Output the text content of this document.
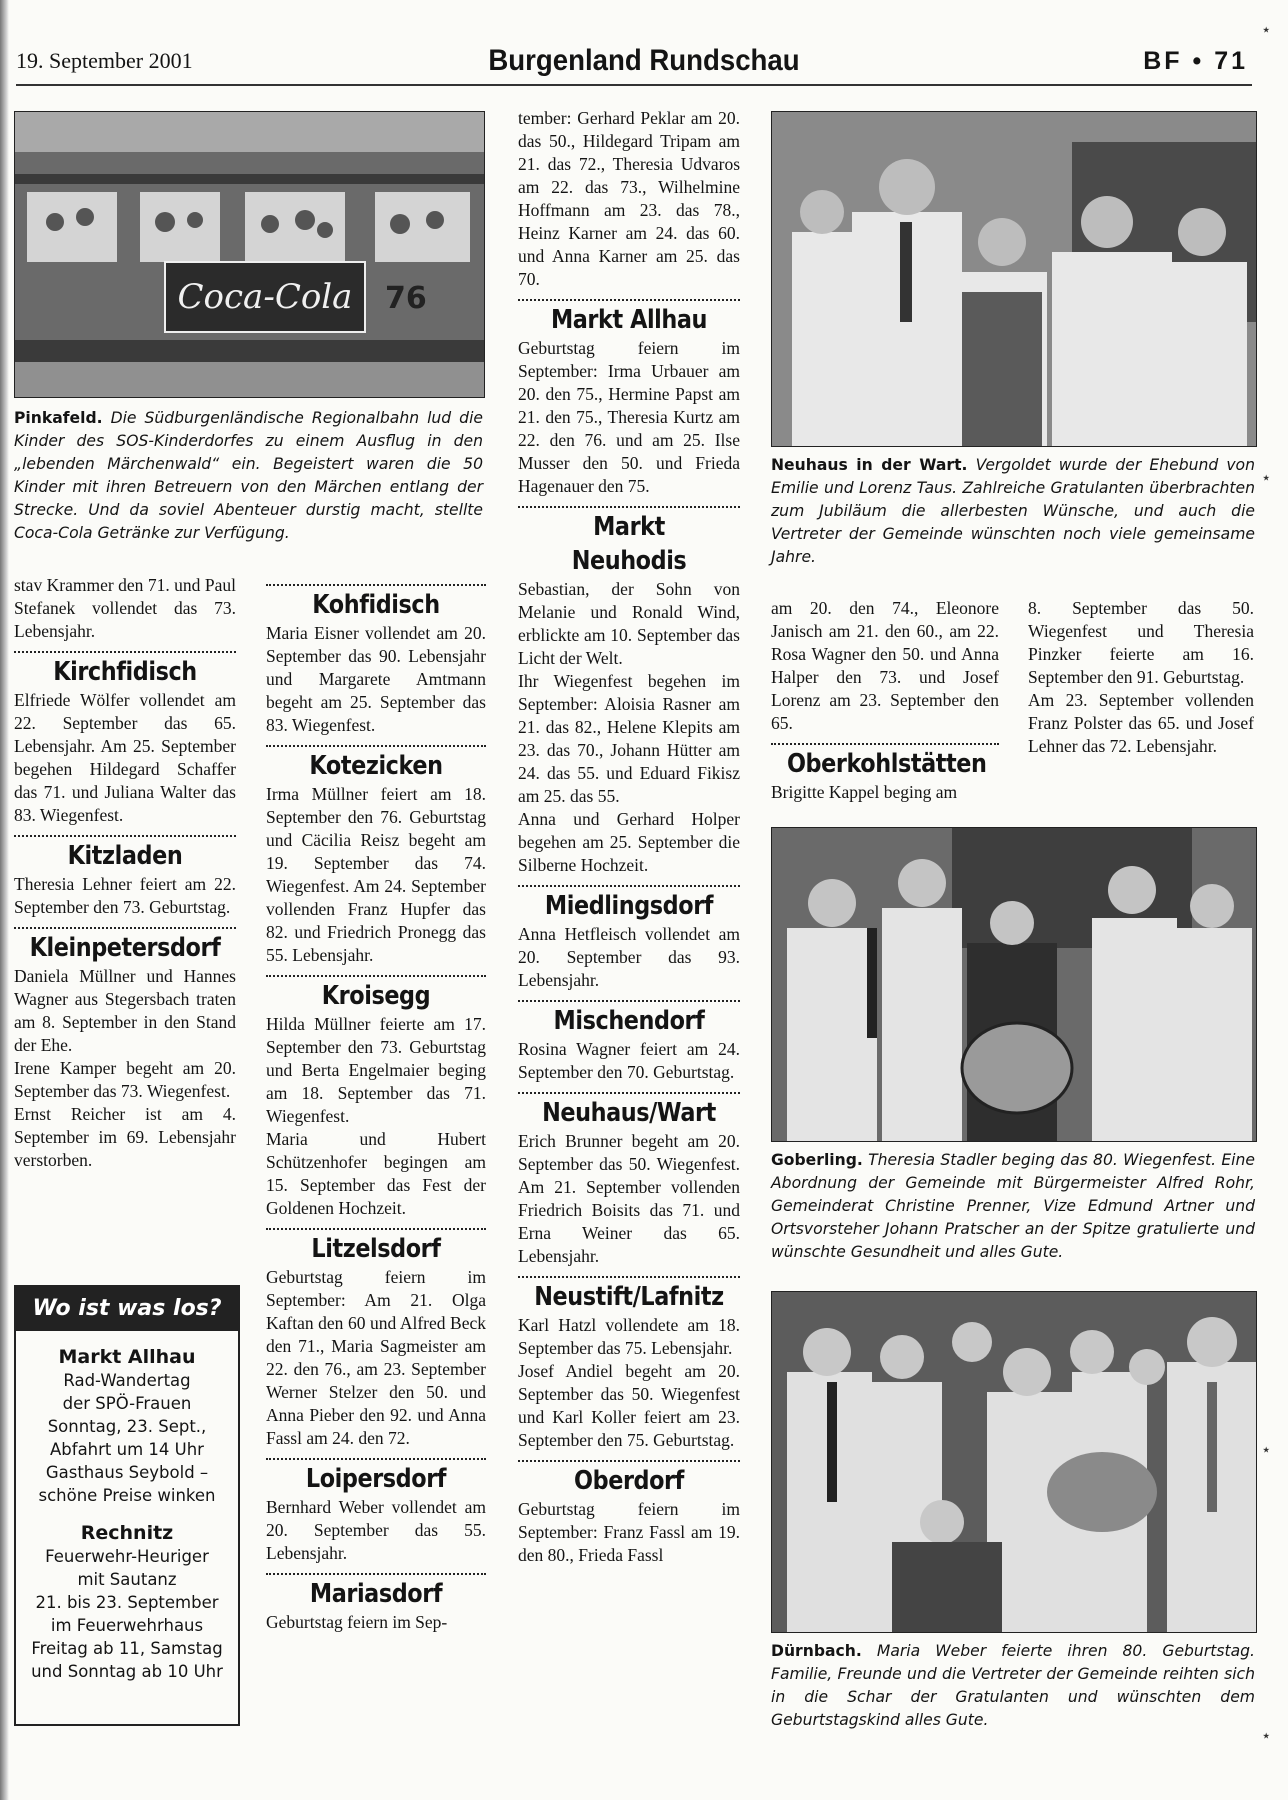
19. September 2001	Burgenland Rundschau	BF • 71
Coca-Cola 76
Pinkafeld. Die Südburgenländische Regionalbahn lud die Kinder des SOS-Kinderdorfes zu einem Ausflug in den „lebenden Märchenwald“ ein. Begeistert waren die 50 Kinder mit ihren Betreuern von den Märchen entlang der Strecke. Und da soviel Abenteuer durstig macht, stellte Coca-Cola Getränke zur Verfügung.
Neuhaus in der Wart. Vergoldet wurde der Ehebund von Emilie und Lorenz Taus. Zahlreiche Gratulanten überbrachten zum Jubiläum die allerbesten Wünsche, und auch die Vertreter der Gemeinde wünschten noch viele gemeinsame Jahre.
Goberling. Theresia Stadler beging das 80. Wiegenfest. Eine Abordnung der Gemeinde mit Bürgermeister Alfred Rohr, Gemeinderat Christine Prenner, Vize Edmund Artner und Ortsvorsteher Johann Pratscher an der Spitze gratulierte und wünschte Gesundheit und alles Gute.
Dürnbach. Maria Weber feierte ihren 80. Geburtstag. Familie, Freunde und die Vertreter der Gemeinde reihten sich in die Schar der Gratulanten und wünschten dem Geburtstagskind alles Gute.

stav Krammer den 71. und Paul Stefanek vollendet das 73. Lebensjahr.

Kirchfidisch

Elfriede Wölfer vollendet am 22. September das 65. Lebensjahr. Am 25. September begehen Hildegard Schaffer das 71. und Juliana Walter das 83. Wiegenfest.

Kitzladen

Theresia Lehner feiert am 22. September den 73. Geburtstag.

Kleinpetersdorf

Daniela Müllner und Hannes Wagner aus Stegersbach traten am 8. September in den Stand der Ehe.

Irene Kamper begeht am 20. September das 73. Wiegenfest.

Ernst Reicher ist am 4. September im 69. Lebensjahr verstorben.

Wo ist was los?
Markt Allhau
Rad-Wandertag
der SPÖ-Frauen
Sonntag, 23. Sept.,
Abfahrt um 14 Uhr
Gasthaus Seybold –
schöne Preise winken
Rechnitz
Feuerwehr-Heuriger
mit Sautanz
21. bis 23. September
im Feuerwehrhaus
Freitag ab 11, Samstag
und Sonntag ab 10 Uhr
Kohfidisch

Maria Eisner vollendet am 20. September das 90. Lebensjahr und Margarete Amtmann begeht am 25. September das 83. Wiegenfest.

Kotezicken

Irma Müllner feiert am 18. September den 76. Geburtstag und Cäcilia Reisz begeht am 19. September das 74. Wiegenfest. Am 24. September vollenden Franz Hupfer das 82. und Friedrich Pronegg das 55. Lebensjahr.

Kroisegg

Hilda Müllner feierte am 17. September den 73. Geburtstag und Berta Engelmaier beging am 18. September das 71. Wiegenfest.

Maria und Hubert Schützenhofer begingen am 15. September das Fest der Goldenen Hochzeit.

Litzelsdorf

Geburtstag feiern im September: Am 21. Olga Kaftan den 60 und Alfred Beck den 71., Maria Sagmeister am 22. den 76., am 23. September Werner Stelzer den 50. und Anna Pieber den 92. und Anna Fassl am 24. den 72.

Loipersdorf

Bernhard Weber vollendet am 20. September das 55. Lebensjahr.

Mariasdorf

Geburtstag feiern im Sep-

tember: Gerhard Peklar am 20. das 50., Hildegard Tripam am 21. das 72., Theresia Udvaros am 22. das 73., Wilhelmine Hoffmann am 23. das 78., Heinz Karner am 24. das 60. und Anna Karner am 25. das 70.

Markt Allhau

Geburtstag feiern im September: Irma Urbauer am 20. den 75., Hermine Papst am 21. den 75., Theresia Kurtz am 22. den 76. und am 25. Ilse Musser den 50. und Frieda Hagenauer den 75.

Markt Neuhodis

Sebastian, der Sohn von Melanie und Ronald Wind, erblickte am 10. September das Licht der Welt.

Ihr Wiegenfest begehen im September: Aloisia Rasner am 21. das 82., Helene Klepits am 23. das 70., Johann Hütter am 24. das 55. und Eduard Fikisz am 25. das 55.

Anna und Gerhard Holper begehen am 25. September die Silberne Hochzeit.

Miedlingsdorf

Anna Hetfleisch vollendet am 20. September das 93. Lebensjahr.

Mischendorf

Rosina Wagner feiert am 24. September den 70. Geburtstag.

Neuhaus/Wart

Erich Brunner begeht am 20. September das 50. Wiegenfest. Am 21. September vollenden Friedrich Boisits das 71. und Erna Weiner das 65. Lebensjahr.

Neustift/Lafnitz

Karl Hatzl vollendete am 18. September das 75. Lebensjahr.

Josef Andiel begeht am 20. September das 50. Wiegenfest und Karl Koller feiert am 23. September den 75. Geburtstag.

Oberdorf

Geburtstag feiern im September: Franz Fassl am 19. den 80., Frieda Fassl

am 20. den 74., Eleonore Janisch am 21. den 60., am 22. Rosa Wagner den 50. und Anna Halper den 73. und Josef Lorenz am 23. September den 65.

Oberkohlstätten

Brigitte Kappel beging am

8. September das 50. Wiegenfest und Theresia Pinzker feierte am 16. September den 91. Geburtstag.

Am 23. September vollenden Franz Polster das 65. und Josef Lehner das 72. Lebensjahr.

٭
٭
٭
٭
